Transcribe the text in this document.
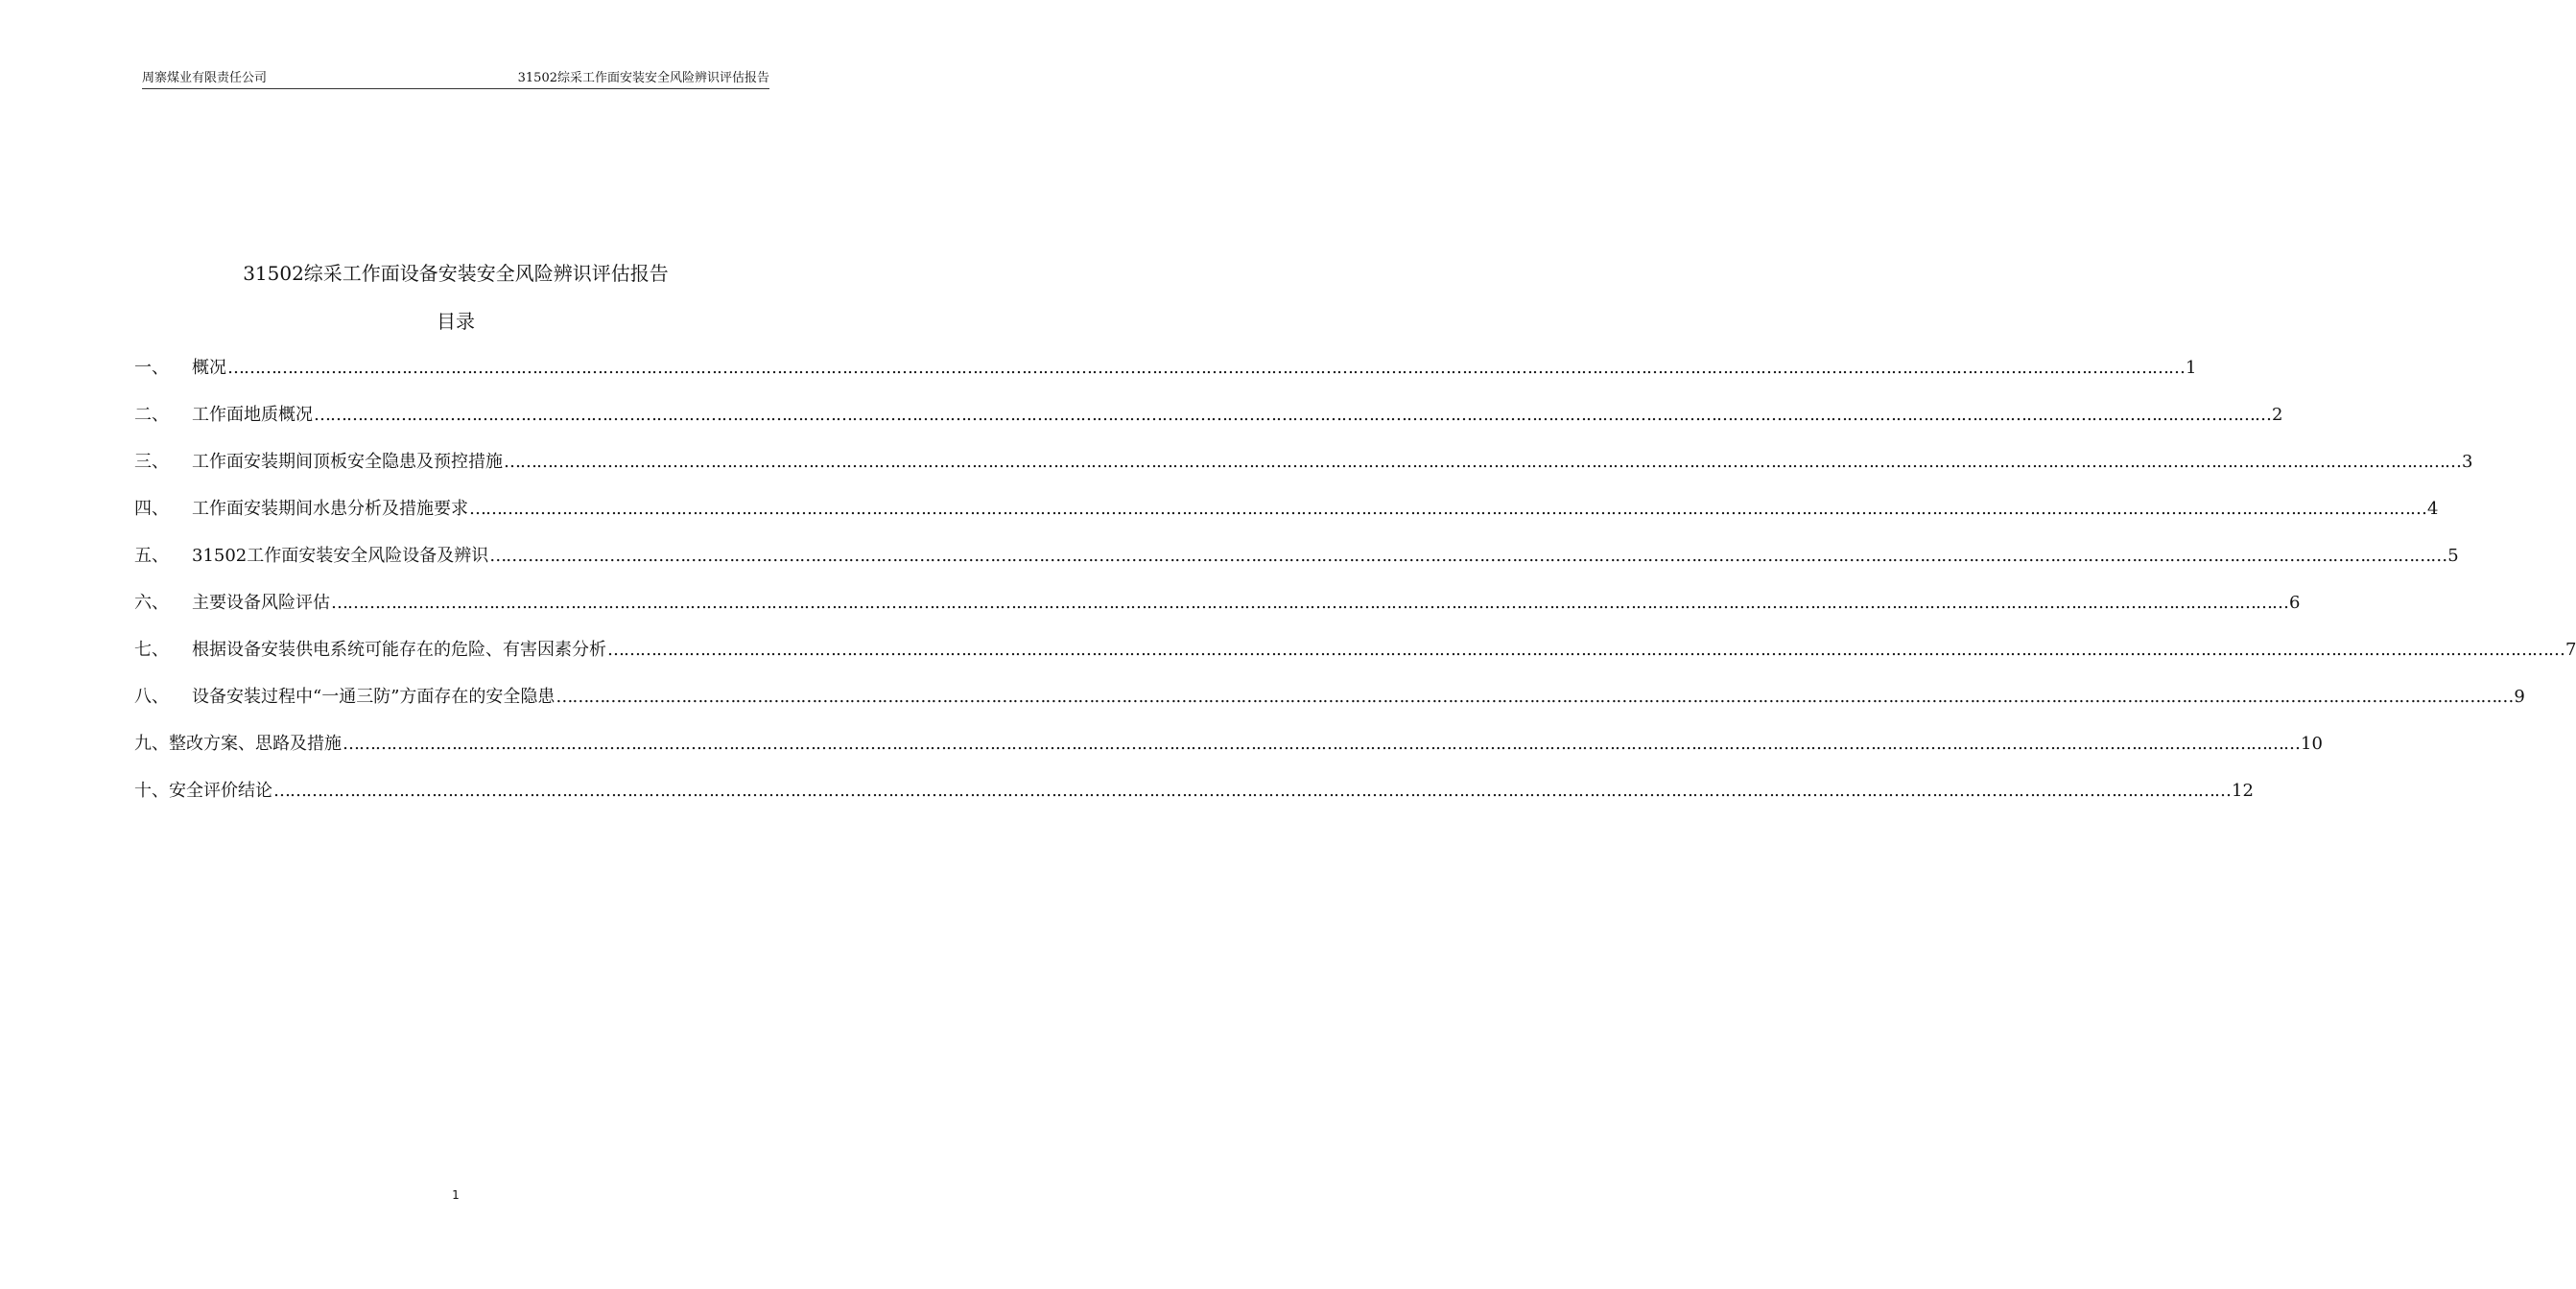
周寨煤业有限责任公司	31502综采工作面安装安全风险辨识评估报告
31502综采工作面设备安装安全风险辨识评估报告
目录
一、	概况 ……………………………………………………………………………………………………………………………………………………………………………………………………………………………………………………………………………………………………………………………… 1
二、	工作面地质概况 ……………………………………………………………………………………………………………………………………………………………………………………………………………………………………………………………………………………………………………………………… 2
三、	工作面安装期间顶板安全隐患及预控措施 ……………………………………………………………………………………………………………………………………………………………………………………………………………………………………………………………………………………………………………………………… 3
四、	工作面安装期间水患分析及措施要求 ……………………………………………………………………………………………………………………………………………………………………………………………………………………………………………………………………………………………………………………………… 4
五、	31502工作面安装安全风险设备及辨识 ……………………………………………………………………………………………………………………………………………………………………………………………………………………………………………………………………………………………………………………………… 5
六、	主要设备风险评估 ……………………………………………………………………………………………………………………………………………………………………………………………………………………………………………………………………………………………………………………………… 6
七、	根据设备安装供电系统可能存在的危险、有害因素分析 ……………………………………………………………………………………………………………………………………………………………………………………………………………………………………………………………………………………………………………………………… 7
八、	设备安装过程中“一通三防”方面存在的安全隐患 ……………………………………………………………………………………………………………………………………………………………………………………………………………………………………………………………………………………………………………………………… 9
九、 整改方案、思路及措施 ……………………………………………………………………………………………………………………………………………………………………………………………………………………………………………………………………………………………………………………………… 10
十、 安全评价结论 ……………………………………………………………………………………………………………………………………………………………………………………………………………………………………………………………………………………………………………………………… 12
1
